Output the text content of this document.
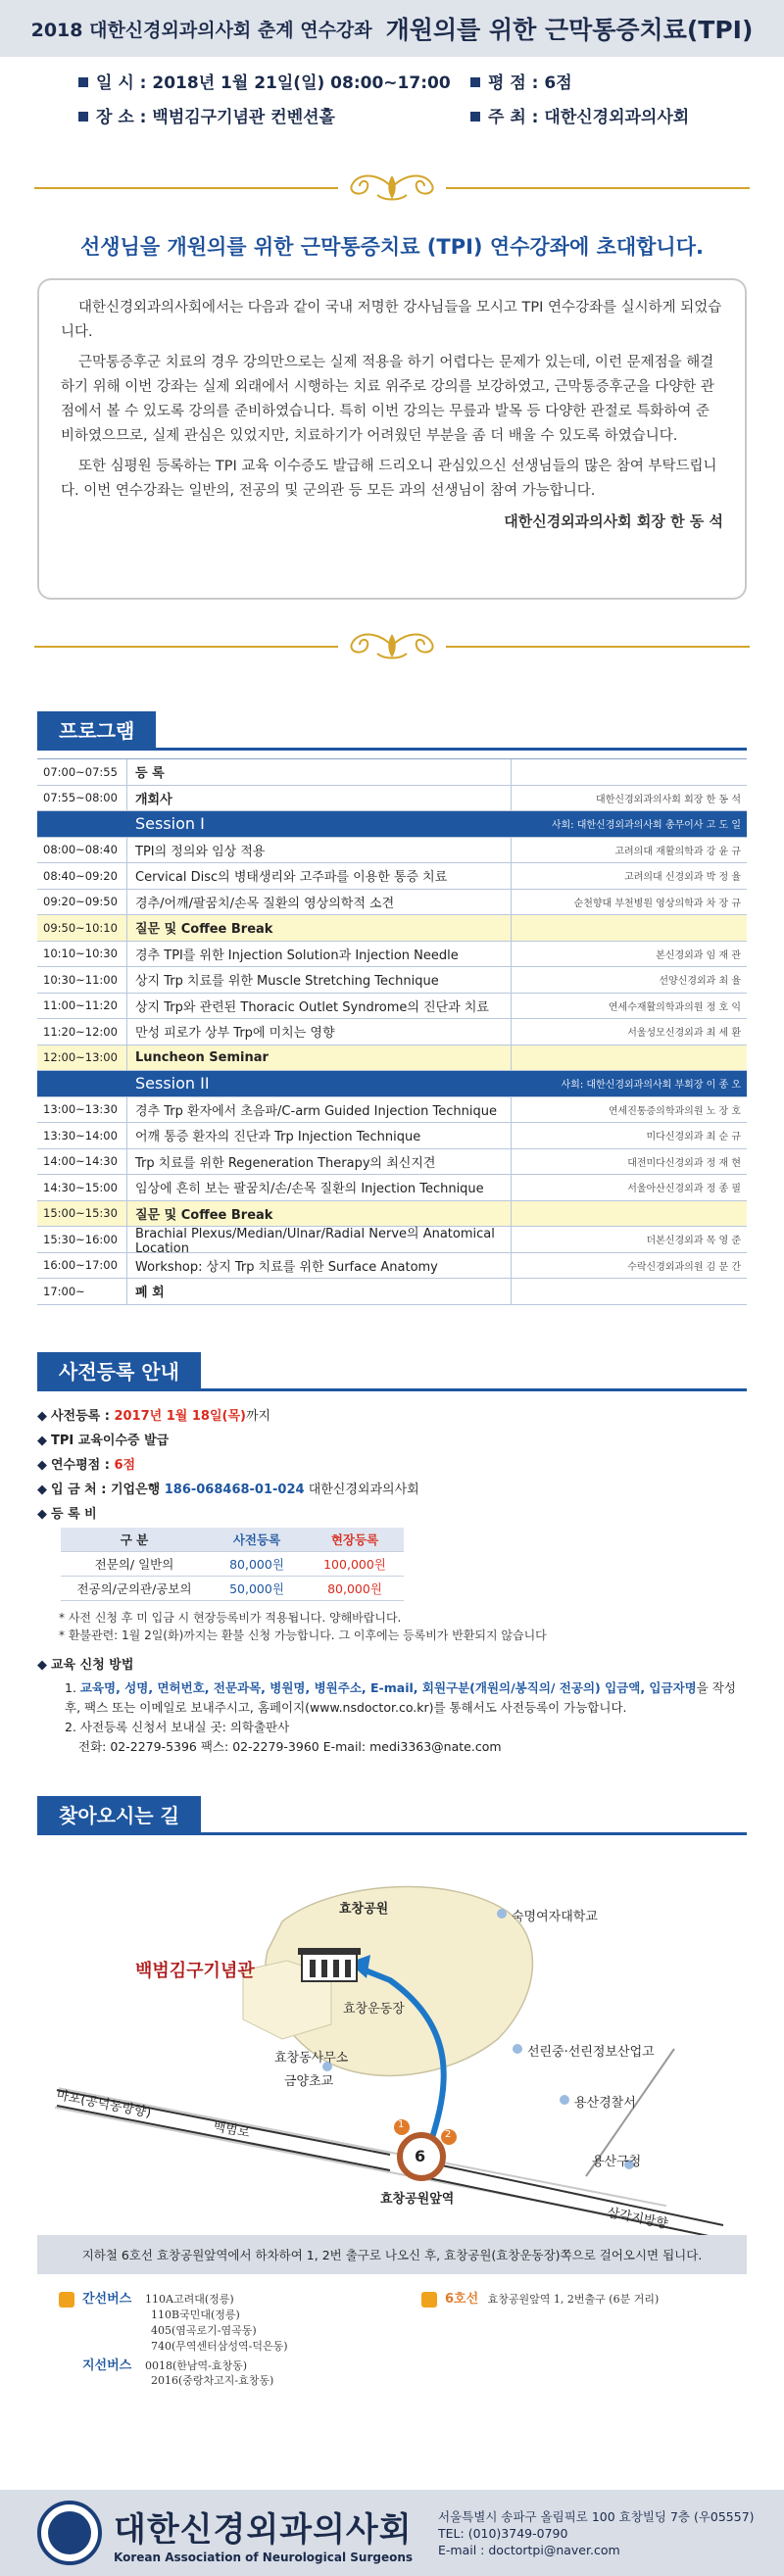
2018 대한신경외과의사회 춘계 연수강좌 개원의를 위한 근막통증치료(TPI)
일 시 : 2018년 1월 21일(일) 08:00~17:00	평 점 : 6점
장 소 : 백범김구기념관 컨벤션홀	주 최 : 대한신경외과의사회
선생님을 개원의를 위한 근막통증치료 (TPI) 연수강좌에 초대합니다.

대한신경외과의사회에서는 다음과 같이 국내 저명한 강사님들을 모시고 TPI 연수강좌를 실시하게 되었습니다.

근막통증후군 치료의 경우 강의만으로는 실제 적용을 하기 어렵다는 문제가 있는데, 이런 문제점을 해결하기 위해 이번 강좌는 실제 외래에서 시행하는 치료 위주로 강의를 보강하였고, 근막통증후군을 다양한 관점에서 볼 수 있도록 강의를 준비하였습니다. 특히 이번 강의는 무릎과 발목 등 다양한 관절로 특화하여 준비하였으므로, 실제 관심은 있었지만, 치료하기가 어려웠던 부분을 좀 더 배울 수 있도록 하였습니다.

또한 심평원 등록하는 TPI 교육 이수증도 발급해 드리오니 관심있으신 선생님들의 많은 참여 부탁드립니다. 이번 연수강좌는 일반의, 전공의 및 군의관 등 모든 과의 선생님이 참여 가능합니다.

대한신경외과의사회 회장 한 동 석
프로그램
07:00~07:55	등 록
07:55~08:00	개회사	대한신경외과의사회 회장 한 동 석
Session I	사회: 대한신경외과의사회 총무이사 고 도 일
08:00~08:40	TPI의 정의와 임상 적용	고려의대 재활의학과 강 윤 규
08:40~09:20	Cervical Disc의 병태생리와 고주파를 이용한 통증 치료	고려의대 신경외과 박 정 율
09:20~09:50	경추/어깨/팔꿈치/손목 질환의 영상의학적 소견	순천향대 부천병원 영상의학과 차 장 규
09:50~10:10	질문 및 Coffee Break
10:10~10:30	경추 TPI를 위한 Injection Solution과 Injection Needle	본신경외과 임 재 관
10:30~11:00	상지 Trp 치료를 위한 Muscle Stretching Technique	선양신경외과 최 율
11:00~11:20	상지 Trp와 관련된 Thoracic Outlet Syndrome의 진단과 치료	연세수재활의학과의원 정 호 익
11:20~12:00	만성 피로가 상부 Trp에 미치는 영향	서울성모신경외과 최 세 환
12:00~13:00	Luncheon Seminar
Session II	사회: 대한신경외과의사회 부회장 이 종 오
13:00~13:30	경추 Trp 환자에서 초음파/C-arm Guided Injection Technique	연세진통증의학과의원 노 장 호
13:30~14:00	어깨 통증 환자의 진단과 Trp Injection Technique	미다신경외과 최 순 규
14:00~14:30	Trp 치료를 위한 Regeneration Therapy의 최신지견	대전미다신경외과 정 재 현
14:30~15:00	임상에 흔히 보는 팔꿈치/손/손목 질환의 Injection Technique	서울아산신경외과 정 종 필
15:00~15:30	질문 및 Coffee Break
15:30~16:00	Brachial Plexus/Median/Ulnar/Radial Nerve의 Anatomical Location	더본신경외과 목 영 준
16:00~17:00	Workshop: 상지 Trp 치료를 위한 Surface Anatomy	수락신경외과의원 김 문 간
17:00~	폐 회
사전등록 안내
◆ 사전등록 : 2017년 1월 18일(목)까지
◆ TPI 교육이수증 발급
◆ 연수평점 : 6점
◆ 입 금 처 : 기업은행 186-068468-01-024 대한신경외과의사회
◆ 등 록 비
구 분	사전등록	현장등록
전문의/ 일반의	80,000원	100,000원
전공의/군의관/공보의	50,000원	80,000원
* 사전 신청 후 미 입금 시 현장등록비가 적용됩니다. 양해바랍니다.
* 환불관련: 1월 2일(화)까지는 환불 신청 가능합니다. 그 이후에는 등록비가 반환되지 않습니다
◆ 교육 신청 방법
1. 교육명, 성명, 면허번호, 전문과목, 병원명, 병원주소, E-mail, 회원구분(개원의/봉직의/ 전공의) 입금액, 입금자명을 작성 후, 팩스 또는 이메일로 보내주시고, 홈페이지(www.nsdoctor.co.kr)를 통해서도 사전등록이 가능합니다.
2. 사전등록 신청서 보내실 곳: 의학출판사
전화: 02-2279-5396 팩스: 02-2279-3960 E-mail: medi3363@nate.com
찾아오시는 길
효창공원
숙명여자대학교
백범김구기념관
효창운동장
효창동사무소
금양초교
선린중·선린정보산업고
용산경찰서
마포(공덕동방향)
백범로
용산구청
삼각지방향
효창공원앞역
6
1
2
지하철 6호선 효창공원앞역에서 하차하여 1, 2번 출구로 나오신 후, 효창공원(효창운동장)쪽으로 걸어오시면 됩니다.
간선버스 110A고려대(정릉)
110B국민대(정릉)
405(염곡로기-염곡동)
740(무역센터삼성역-덕은동)
지선버스 0018(한남역-효창동)
2016(중랑차고지-효창동)
6호선 효창공원앞역 1, 2번출구 (6분 거리)
대한신경외과의사회
Korean Association of Neurological Surgeons
서울특별시 송파구 올림픽로 100 효창빌딩 7층 (우05557)
TEL: (010)3749-0790
E-mail : doctortpi@naver.com
